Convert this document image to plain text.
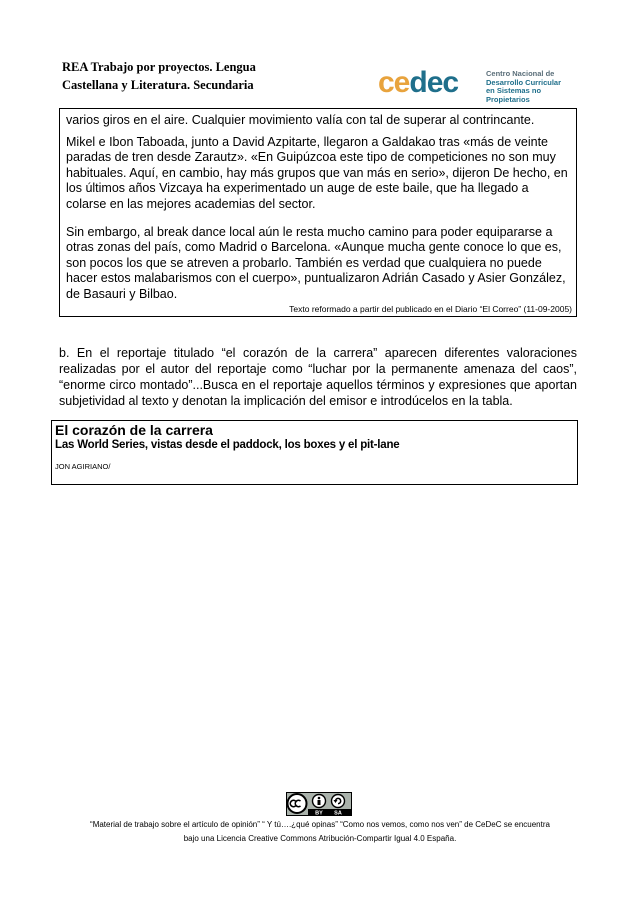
REA Trabajo por proyectos. Lengua Castellana y Literatura. Secundaria	cedec	Centro Nacional de
Desarrollo Curricular
en Sistemas no Propietarios

varios giros en el aire. Cualquier movimiento valía con tal de superar al contrincante.

Mikel e Ibon Taboada, junto a David Azpitarte, llegaron a Galdakao tras «más de veinte paradas de tren desde Zarautz». «En Guipúzcoa este tipo de competiciones no son muy habituales. Aquí, en cambio, hay más grupos que van más en serio», dijeron De hecho, en los últimos años Vizcaya ha experimentado un auge de este baile, que ha llegado a colarse en las mejores academias del sector.

Sin embargo, al break dance local aún le resta mucho camino para poder equipararse a otras zonas del país, como Madrid o Barcelona. «Aunque mucha gente conoce lo que es, son pocos los que se atreven a probarlo. También es verdad que cualquiera no puede hacer estos malabarismos con el cuerpo», puntualizaron Adrián Casado y Asier González, de Basauri y Bilbao.

Texto reformado a partir del publicado en el Diario “El Correo” (11-09-2005)
b. En el reportaje titulado “el corazón de la carrera” aparecen diferentes valoraciones realizadas por el autor del reportaje como “luchar por la permanente amenaza del caos”, “enorme circo montado”...Busca en el reportaje aquellos términos y expresiones que aportan subjetividad al texto y denotan la implicación del emisor e introdúcelos en la tabla.
El corazón de la carrera
Las World Series, vistas desde el paddock, los boxes y el pit-lane
JON AGIRIANO/
BY SA
“Material de trabajo sobre el artículo de opinión” “ Y tú….¿qué opinas” “Como nos vemos, como nos ven” de CeDeC se encuentra
bajo una Licencia Creative Commons Atribución-Compartir Igual 4.0 España.
